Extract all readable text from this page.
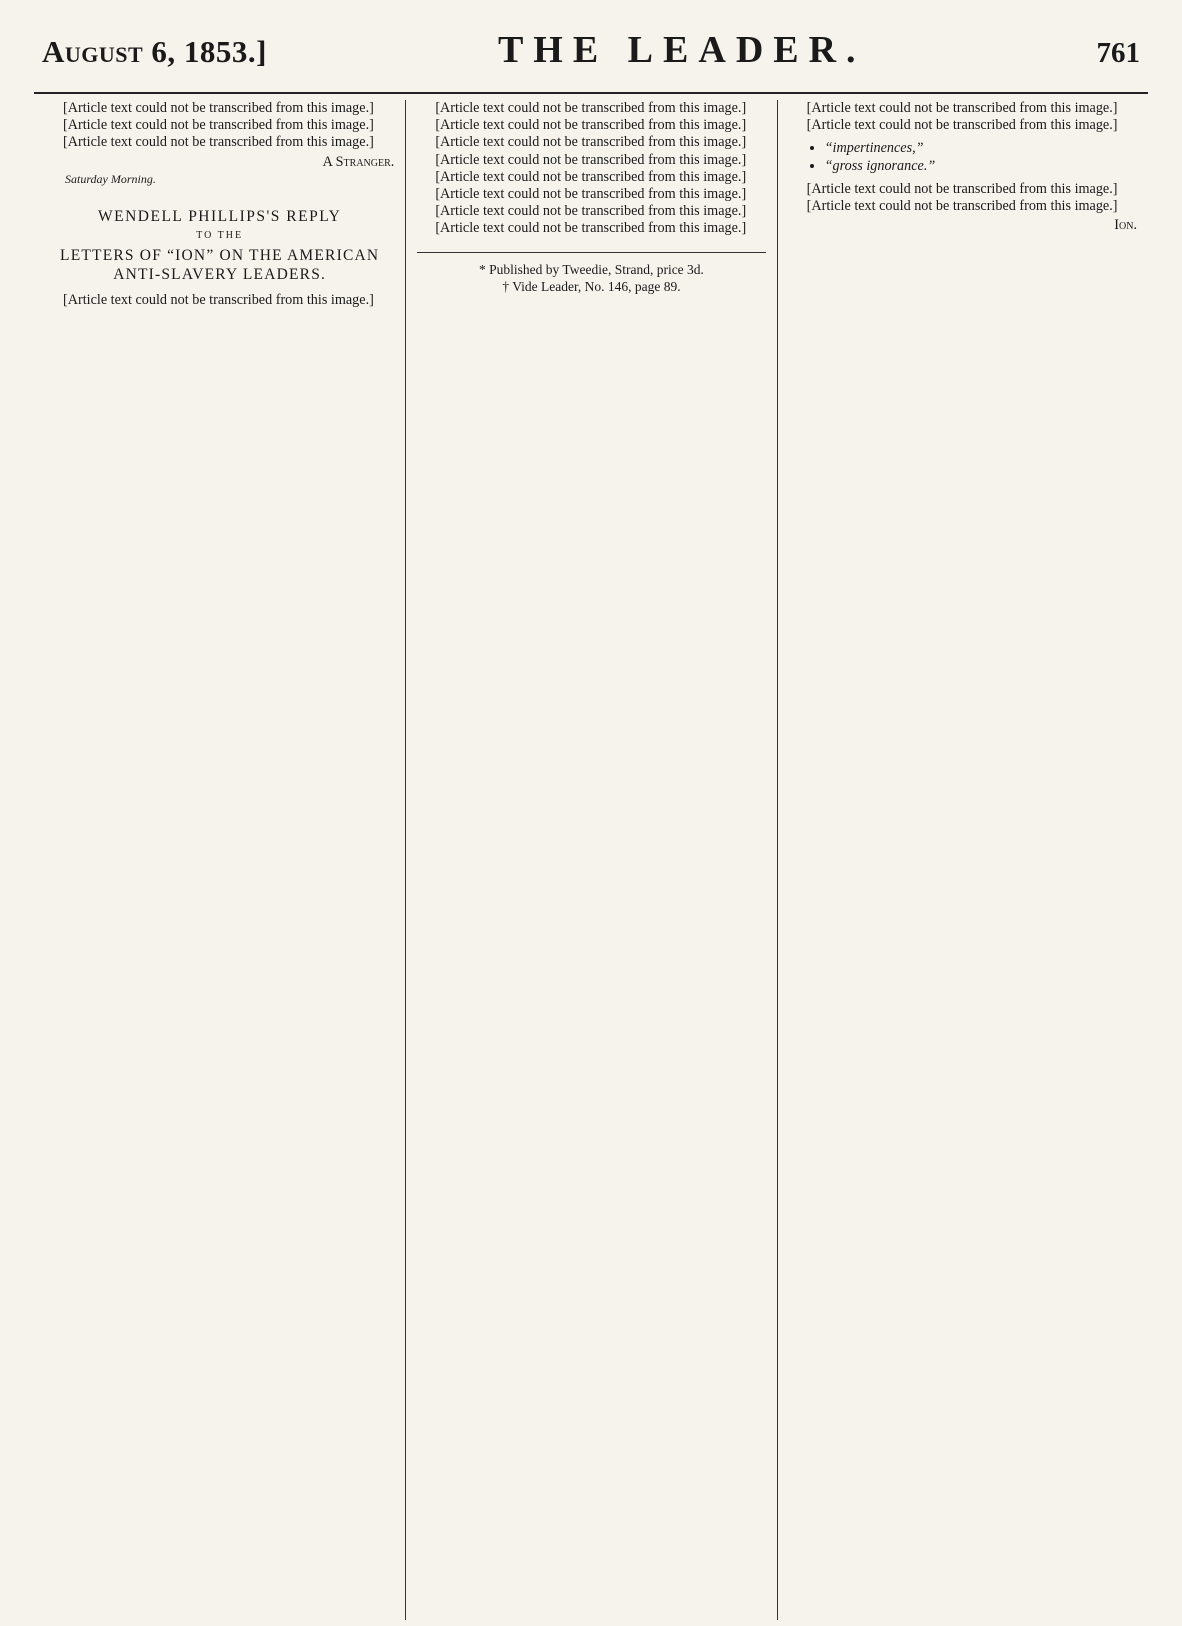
August 6, 1853.]	THE LEADER.	761

[Article text could not be transcribed from this image.]

[Article text could not be transcribed from this image.]

[Article text could not be transcribed from this image.]

A Stranger.
Saturday Morning.
WENDELL PHILLIPS'S REPLY
TO THE
LETTERS OF “ION” ON THE AMERICAN
ANTI-SLAVERY LEADERS.

[Article text could not be transcribed from this image.]

[Article text could not be transcribed from this image.]

[Article text could not be transcribed from this image.]

[Article text could not be transcribed from this image.]

[Article text could not be transcribed from this image.]

[Article text could not be transcribed from this image.]

[Article text could not be transcribed from this image.]

[Article text could not be transcribed from this image.]

[Article text could not be transcribed from this image.]

* Published by Tweedie, Strand, price 3d.
† Vide Leader, No. 146, page 89.

[Article text could not be transcribed from this image.]

[Article text could not be transcribed from this image.]

• “impertinences,”
• “gross ignorance.”

[Article text could not be transcribed from this image.]

[Article text could not be transcribed from this image.]

Ion.
